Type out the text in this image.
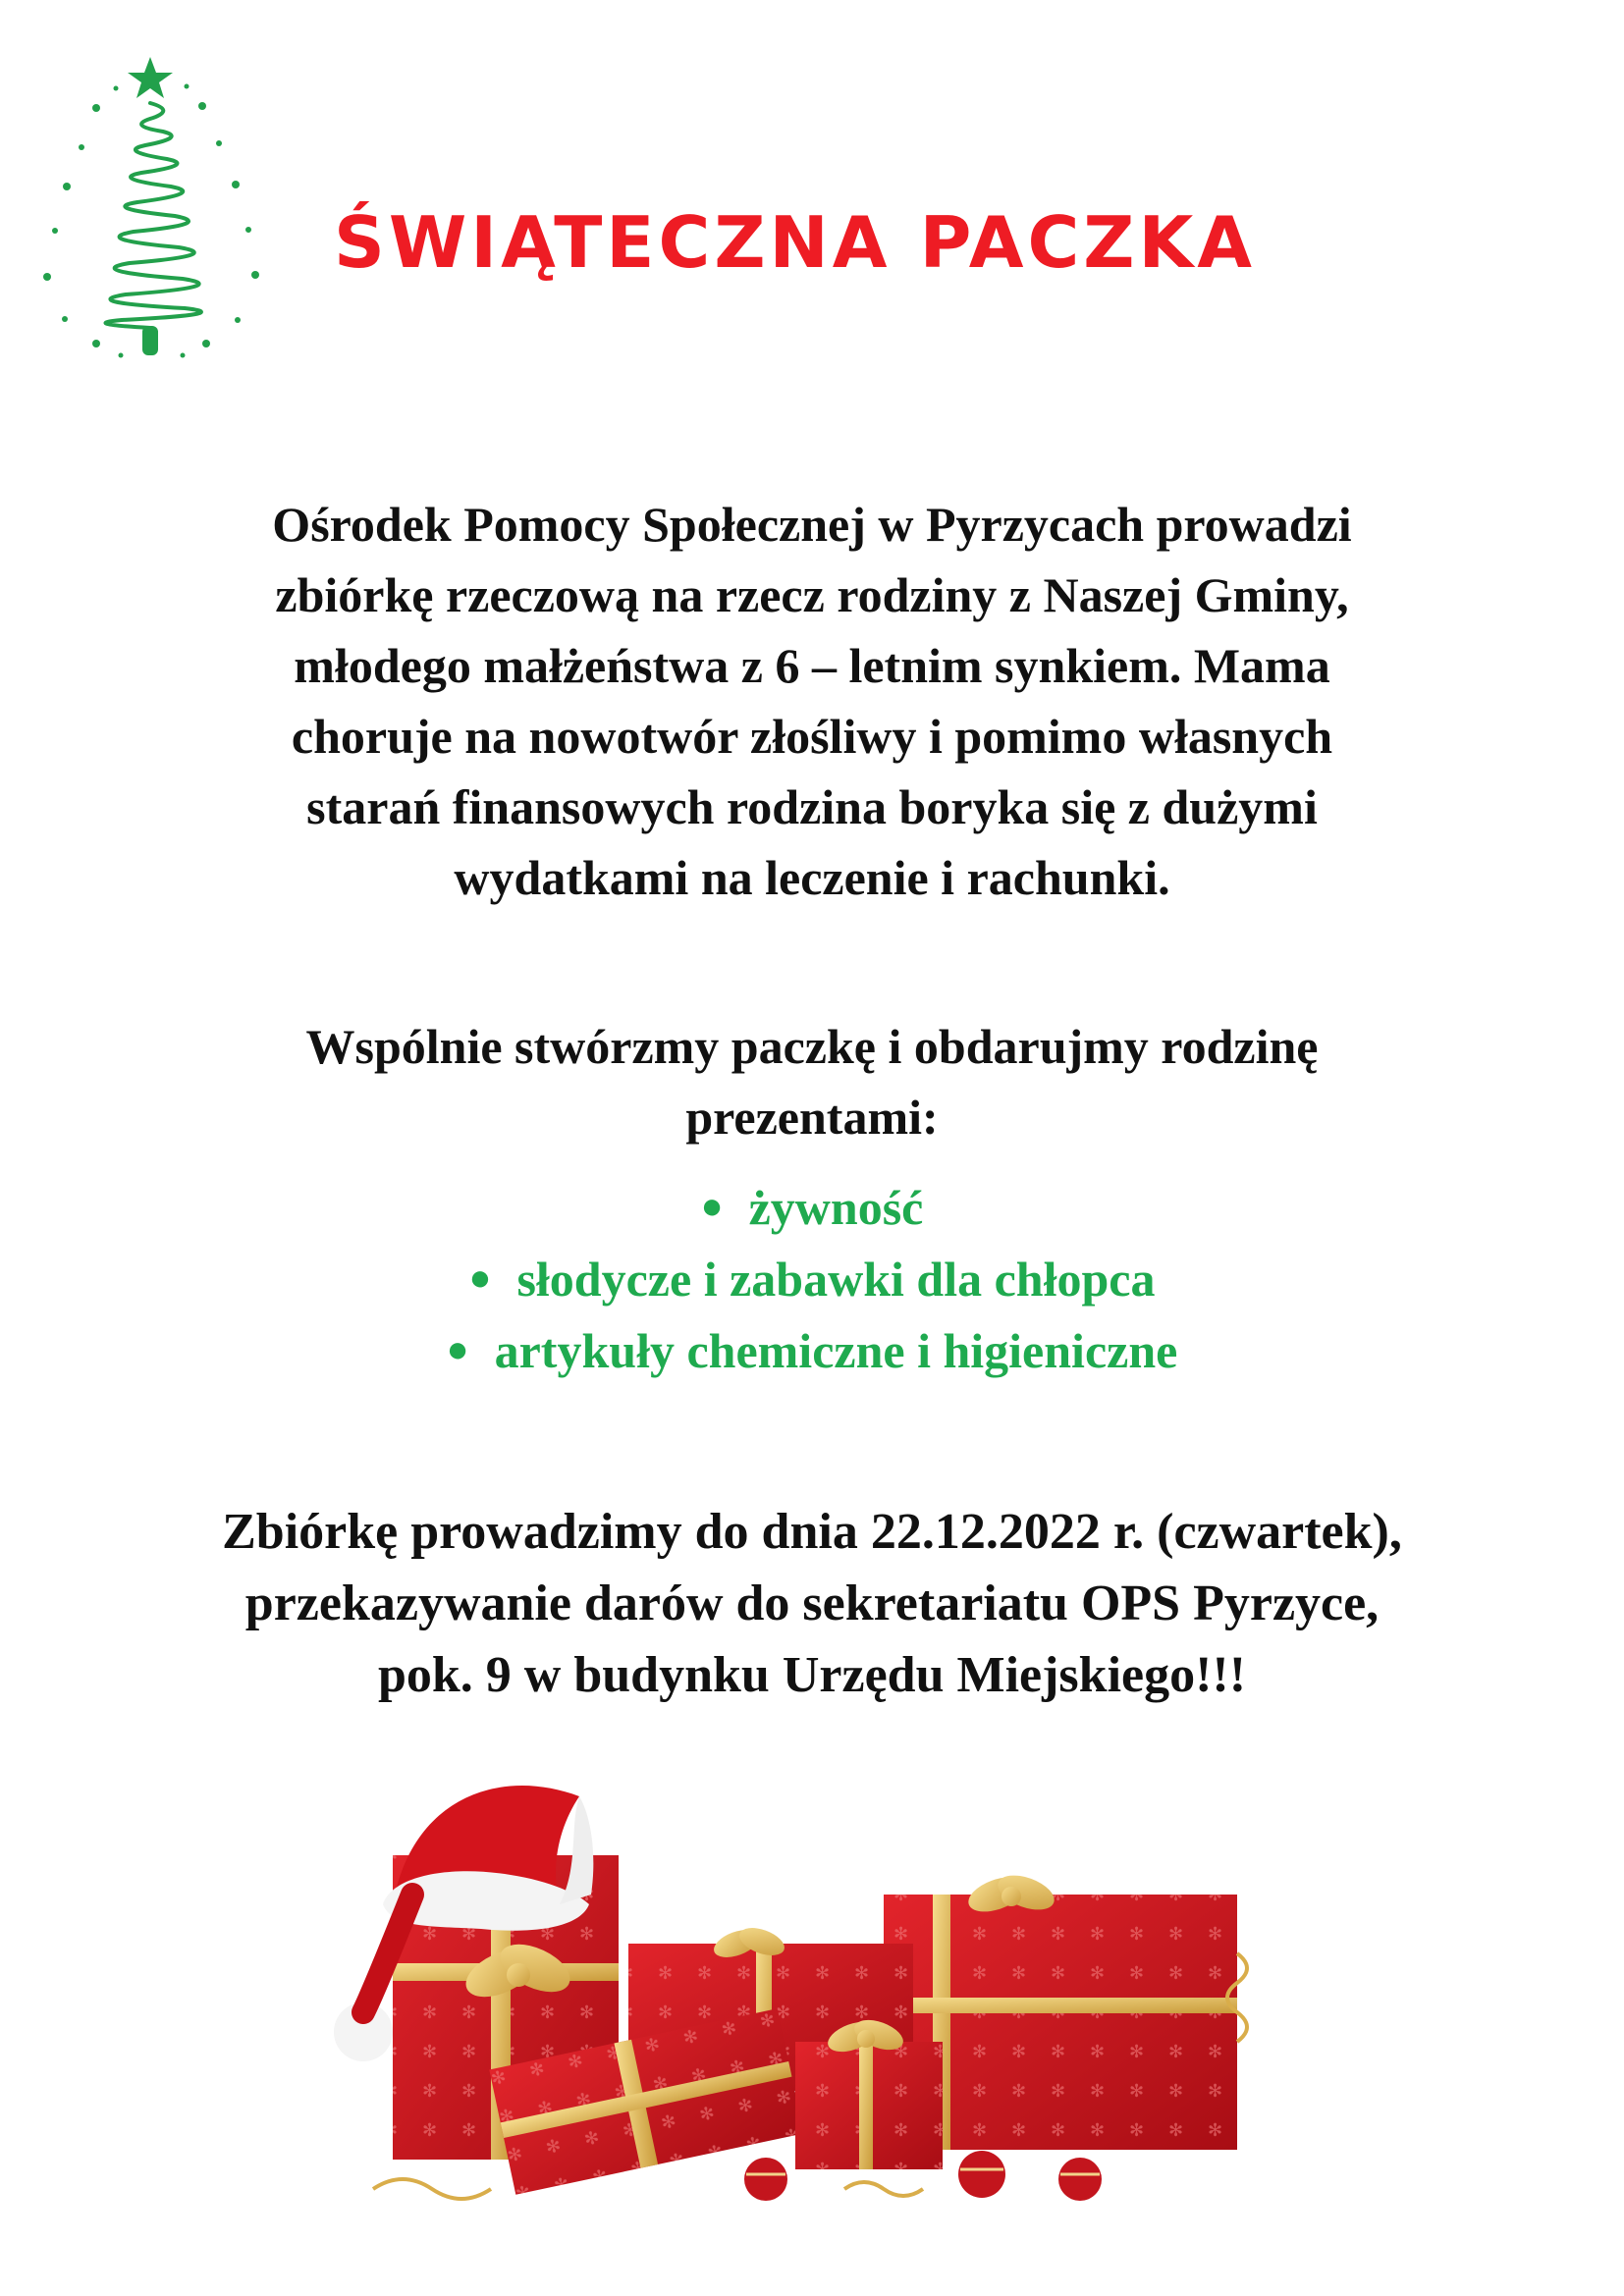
ŚWIĄTECZNA PACZKA
Ośrodek Pomocy Społecznej w Pyrzycach prowadzi
zbiórkę rzeczową na rzecz rodziny z Naszej Gminy,
młodego małżeństwa z 6 – letnim synkiem. Mama
choruje na nowotwór złośliwy i pomimo własnych
starań finansowych rodzina boryka się z dużymi
wydatkami na leczenie i rachunki.
Wspólnie stwórzmy paczkę i obdarujmy rodzinę
prezentami:
● żywność
● słodycze i zabawki dla chłopca
● artykuły chemiczne i higieniczne
Zbiórkę prowadzimy do dnia 22.12.2022 r. (czwartek),
przekazywanie darów do sekretariatu OPS Pyrzyce,
pok. 9 w budynku Urzędu Miejskiego!!!
